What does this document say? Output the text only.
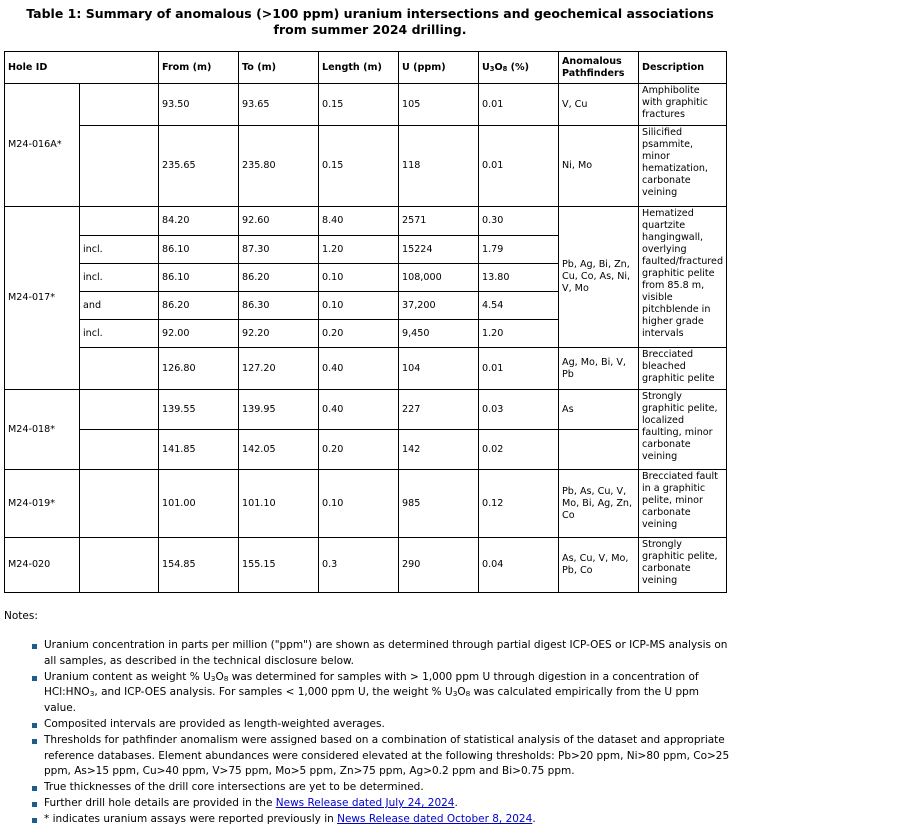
Table 1: Summary of anomalous (>100 ppm) uranium intersections and geochemical associations
from summer 2024 drilling.
Hole ID		From (m)	To (m)	Length (m)	U (ppm)	$U_3O_8$ (%)	Anomalous Pathfinders	Description
M24-016A*		93.50	93.65	0.15	105	0.01	V, Cu	Amphibolite with graphitic fractures
		235.65	235.80	0.15	118	0.01	Ni, Mo	Silicified psammite, minor hematization, carbonate veining
M24-017*		84.20	92.60	8.40	2571	0.30	Pb, Ag, Bi, Zn, Cu, Co, As, Ni, V, Mo	Hematized quartzite hangingwall, overlying faulted/fractured graphitic pelite from 85.8 m, visible pitchblende in higher grade intervals
	incl.	86.10	87.30	1.20	15224	1.79		
	incl.	86.10	86.20	0.10	108,000	13.80		
	and	86.20	86.30	0.10	37,200	4.54		
	incl.	92.00	92.20	0.20	9,450	1.20		
		126.80	127.20	0.40	104	0.01	Ag, Mo, Bi, V, Pb	Brecciated bleached graphitic pelite
M24-018*		139.55	139.95	0.40	227	0.03	As	Strongly graphitic pelite, localized faulting, minor carbonate veining
		141.85	142.05	0.20	142	0.02		
M24-019*		101.00	101.10	0.10	985	0.12	Pb, As, Cu, V, Mo, Bi, Ag, Zn, Co	Brecciated fault in a graphitic pelite, minor carbonate veining
M24-020		154.85	155.15	0.3	290	0.04	As, Cu, V, Mo, Pb, Co	Strongly graphitic pelite, carbonate veining
Notes:
Uranium concentration in parts per million ("ppm") are shown as determined through partial digest ICP-OES or ICP-MS analysis on all samples, as described in the technical disclosure below.
Uranium content as weight % $U_3O_8$ was determined for samples with > 1,000 ppm U through digestion in a concentration of $HCl:HNO_3$, and ICP-OES analysis. For samples < 1,000 ppm U, the weight % $U_3O_8$ was calculated empirically from the U ppm value.
Composited intervals are provided as length-weighted averages.
Thresholds for pathfinder anomalism were assigned based on a combination of statistical analysis of the dataset and appropriate reference databases. Element abundances were considered elevated at the following thresholds: Pb>20 ppm, Ni>80 ppm, Co>25 ppm, As>15 ppm, Cu>40 ppm, V>75 ppm, Mo>5 ppm, Zn>75 ppm, Ag>0.2 ppm and Bi>0.75 ppm.
True thicknesses of the drill core intersections are yet to be determined.
Further drill hole details are provided in the News Release dated July 24, 2024.
* indicates uranium assays were reported previously in News Release dated October 8, 2024.
